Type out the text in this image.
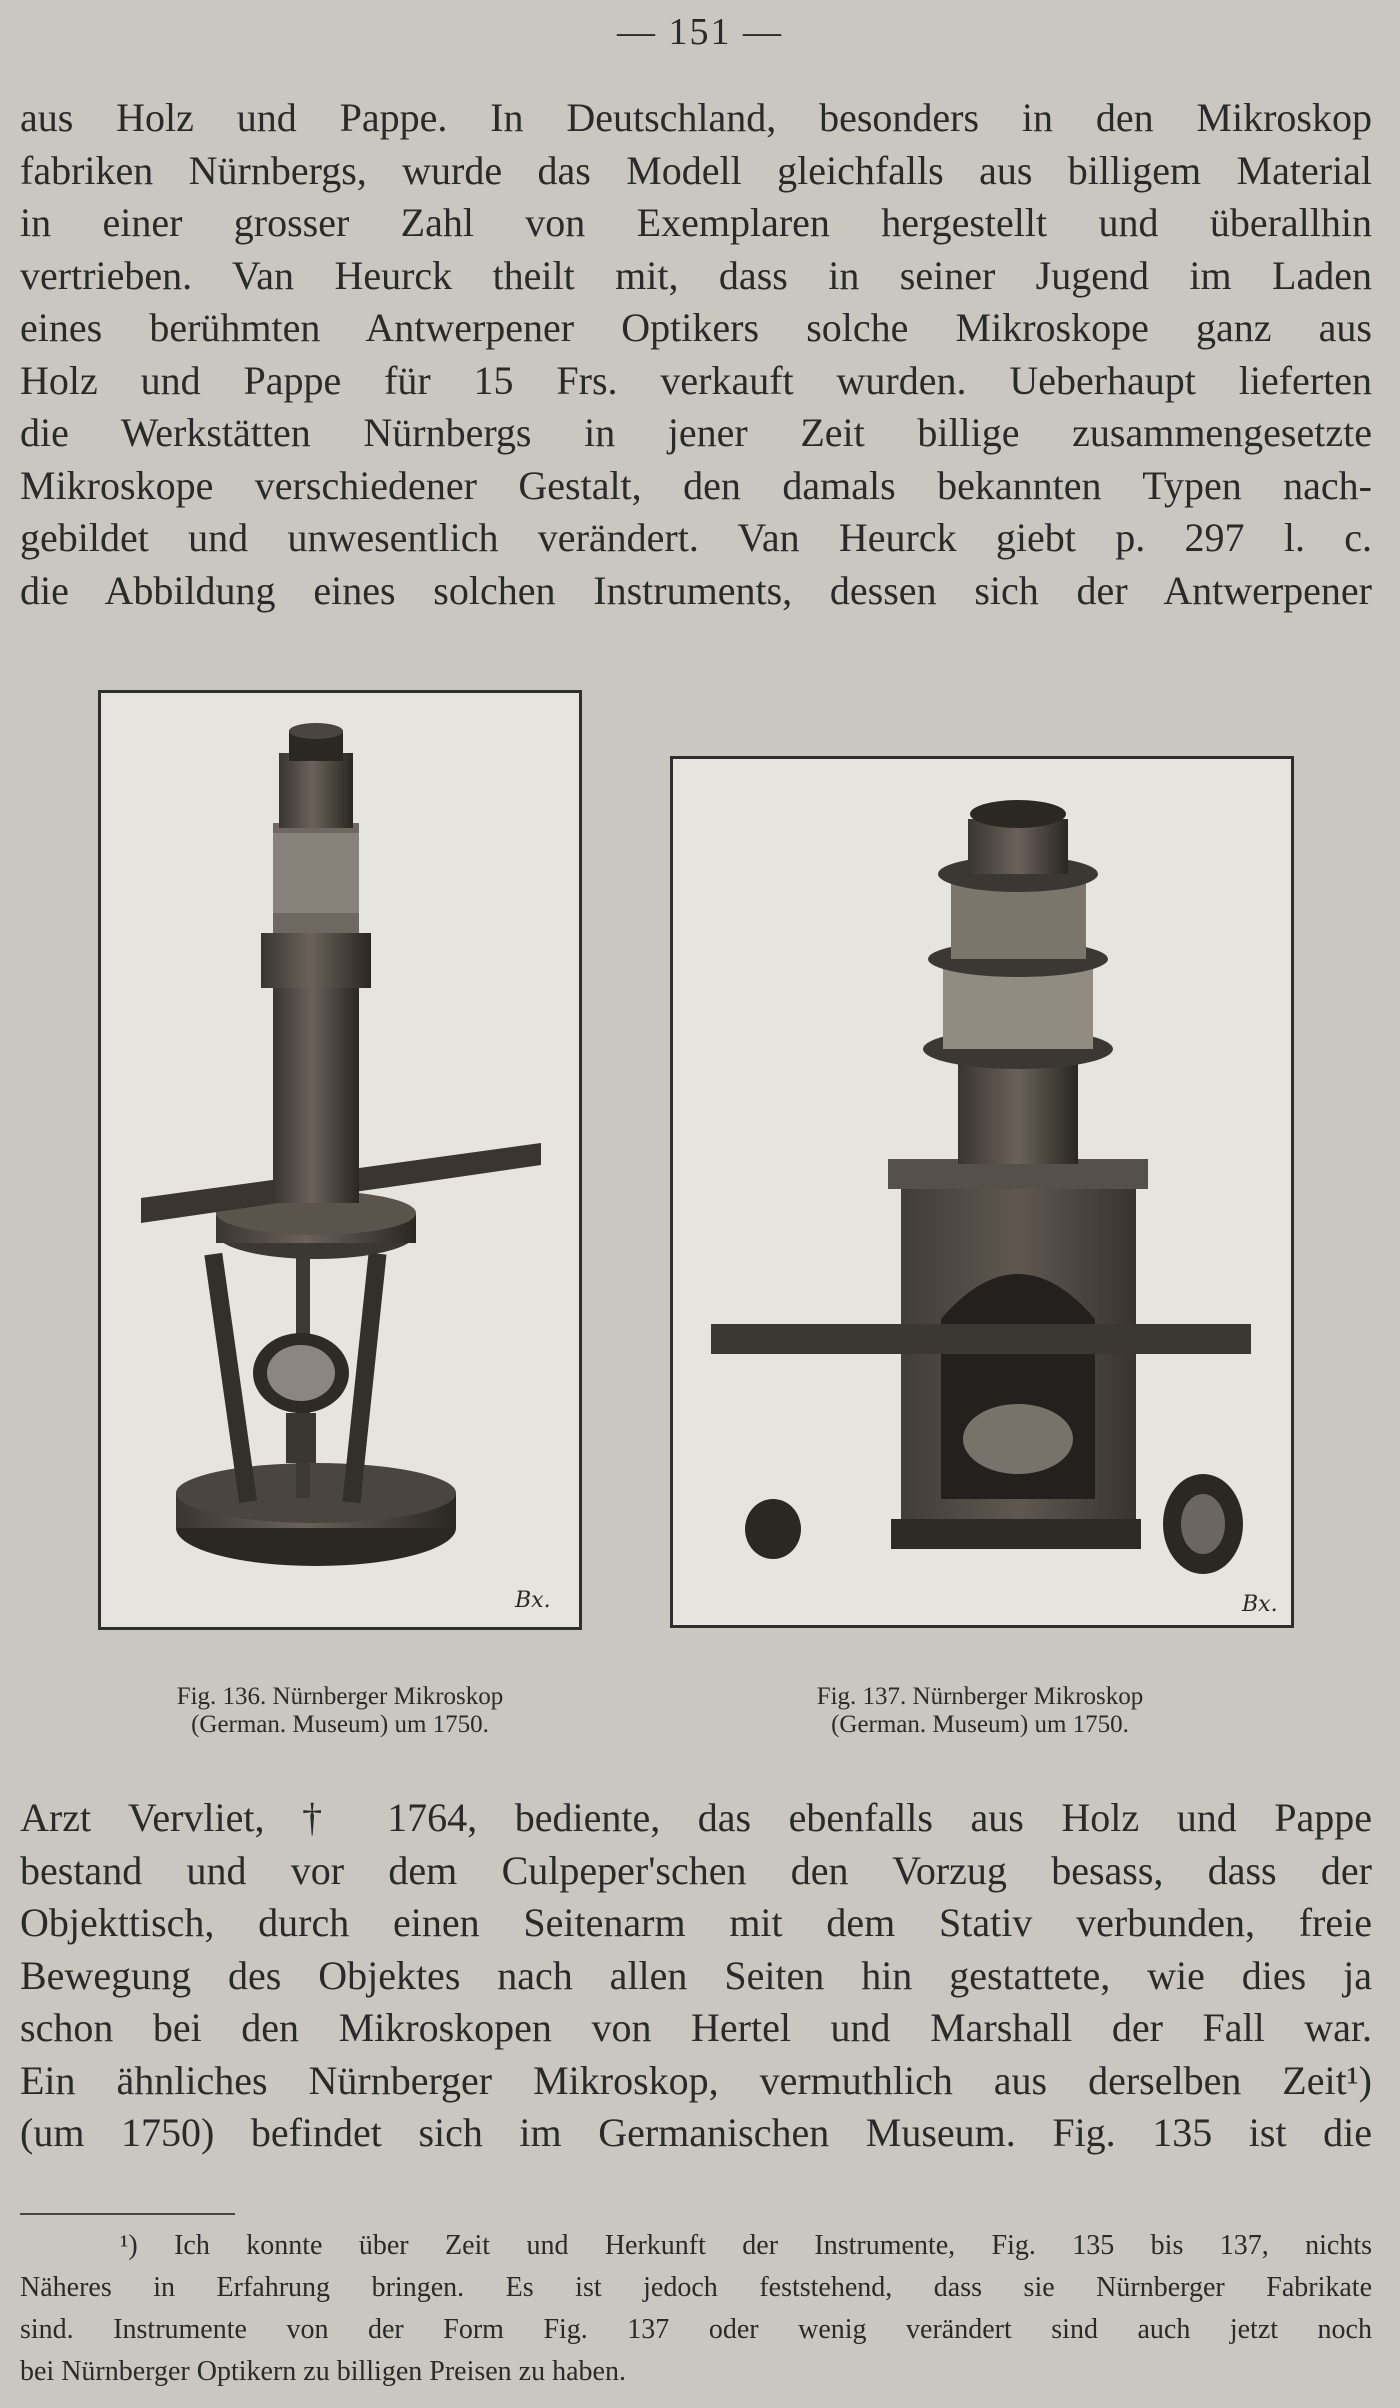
— 151 —
aus Holz und Pappe. In Deutschland, besonders in den Mikroskop
fabriken Nürnbergs, wurde das Modell gleichfalls aus billigem Material
in einer grosser Zahl von Exemplaren hergestellt und überallhin
vertrieben. Van Heurck theilt mit, dass in seiner Jugend im Laden
eines berühmten Antwerpener Optikers solche Mikroskope ganz aus
Holz und Pappe für 15 Frs. verkauft wurden. Ueberhaupt lieferten
die Werkstätten Nürnbergs in jener Zeit billige zusammengesetzte
Mikroskope verschiedener Gestalt, den damals bekannten Typen nach-
gebildet und unwesentlich verändert. Van Heurck giebt p. 297 l. c.
die Abbildung eines solchen Instruments, dessen sich der Antwerpener
Bx.	Bx.
Fig. 136. Nürnberger Mikroskop
(German. Museum) um 1750.
Fig. 137. Nürnberger Mikroskop
(German. Museum) um 1750.
Arzt Vervliet, † 1764, bediente, das ebenfalls aus Holz und Pappe
bestand und vor dem Culpeper'schen den Vorzug besass, dass der
Objekttisch, durch einen Seitenarm mit dem Stativ verbunden, freie
Bewegung des Objektes nach allen Seiten hin gestattete, wie dies ja
schon bei den Mikroskopen von Hertel und Marshall der Fall war.
Ein ähnliches Nürnberger Mikroskop, vermuthlich aus derselben Zeit¹)
(um 1750) befindet sich im Germanischen Museum. Fig. 135 ist die
¹) Ich konnte über Zeit und Herkunft der Instrumente, Fig. 135 bis 137, nichts
Näheres in Erfahrung bringen. Es ist jedoch feststehend, dass sie Nürnberger Fabrikate
sind. Instrumente von der Form Fig. 137 oder wenig verändert sind auch jetzt noch
bei Nürnberger Optikern zu billigen Preisen zu haben.
